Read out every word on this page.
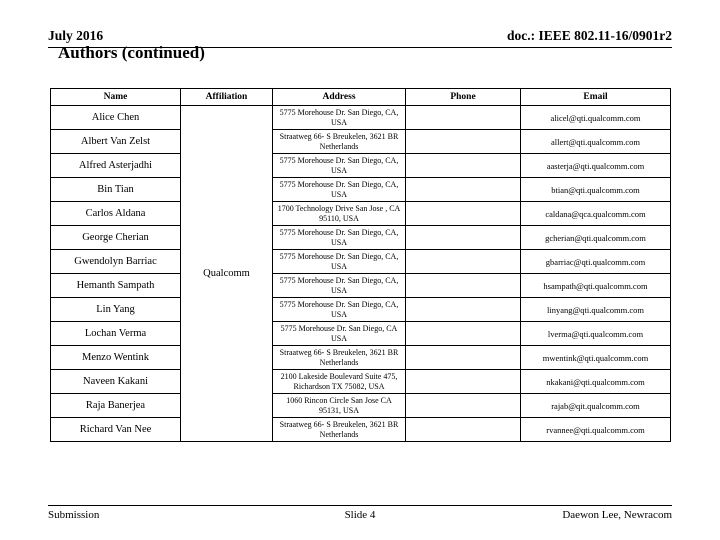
July 2016	doc.: IEEE 802.11-16/0901r2
Authors (continued)
Name	Affiliation	Address	Phone	Email
Alice Chen	Qualcomm	5775 Morehouse Dr. San Diego, CA, USA		alicel@qti.qualcomm.com
Albert Van Zelst		Straatweg 66- S Breukelen, 3621 BR Netherlands		allert@qti.qualcomm.com
Alfred Asterjadhi		5775 Morehouse Dr. San Diego, CA, USA		aasterja@qti.qualcomm.com
Bin Tian		5775 Morehouse Dr. San Diego, CA, USA		btian@qti.qualcomm.com
Carlos Aldana		1700 Technology Drive San Jose , CA 95110, USA		caldana@qca.qualcomm.com
George Cherian		5775 Morehouse Dr. San Diego, CA, USA		gcherian@qti.qualcomm.com
Gwendolyn Barriac		5775 Morehouse Dr. San Diego, CA, USA		gbarriac@qti.qualcomm.com
Hemanth Sampath		5775 Morehouse Dr. San Diego, CA, USA		hsampath@qti.qualcomm.com
Lin Yang		5775 Morehouse Dr. San Diego, CA, USA		linyang@qti.qualcomm.com
Lochan Verma		5775 Morehouse Dr. San Diego, CA USA		lverma@qti.qualcomm.com
Menzo Wentink		Straatweg 66- S Breukelen, 3621 BR Netherlands		mwentink@qti.qualcomm.com
Naveen Kakani		2100 Lakeside Boulevard Suite 475, Richardson TX 75082, USA		nkakani@qti.qualcomm.com
Raja Banerjea		1060 Rincon Circle San Jose CA 95131, USA		rajab@qit.qualcomm.com
Richard Van Nee		Straatweg 66- S Breukelen, 3621 BR Netherlands		rvannee@qti.qualcomm.com
Submission	Slide 4	Daewon Lee, Newracom
